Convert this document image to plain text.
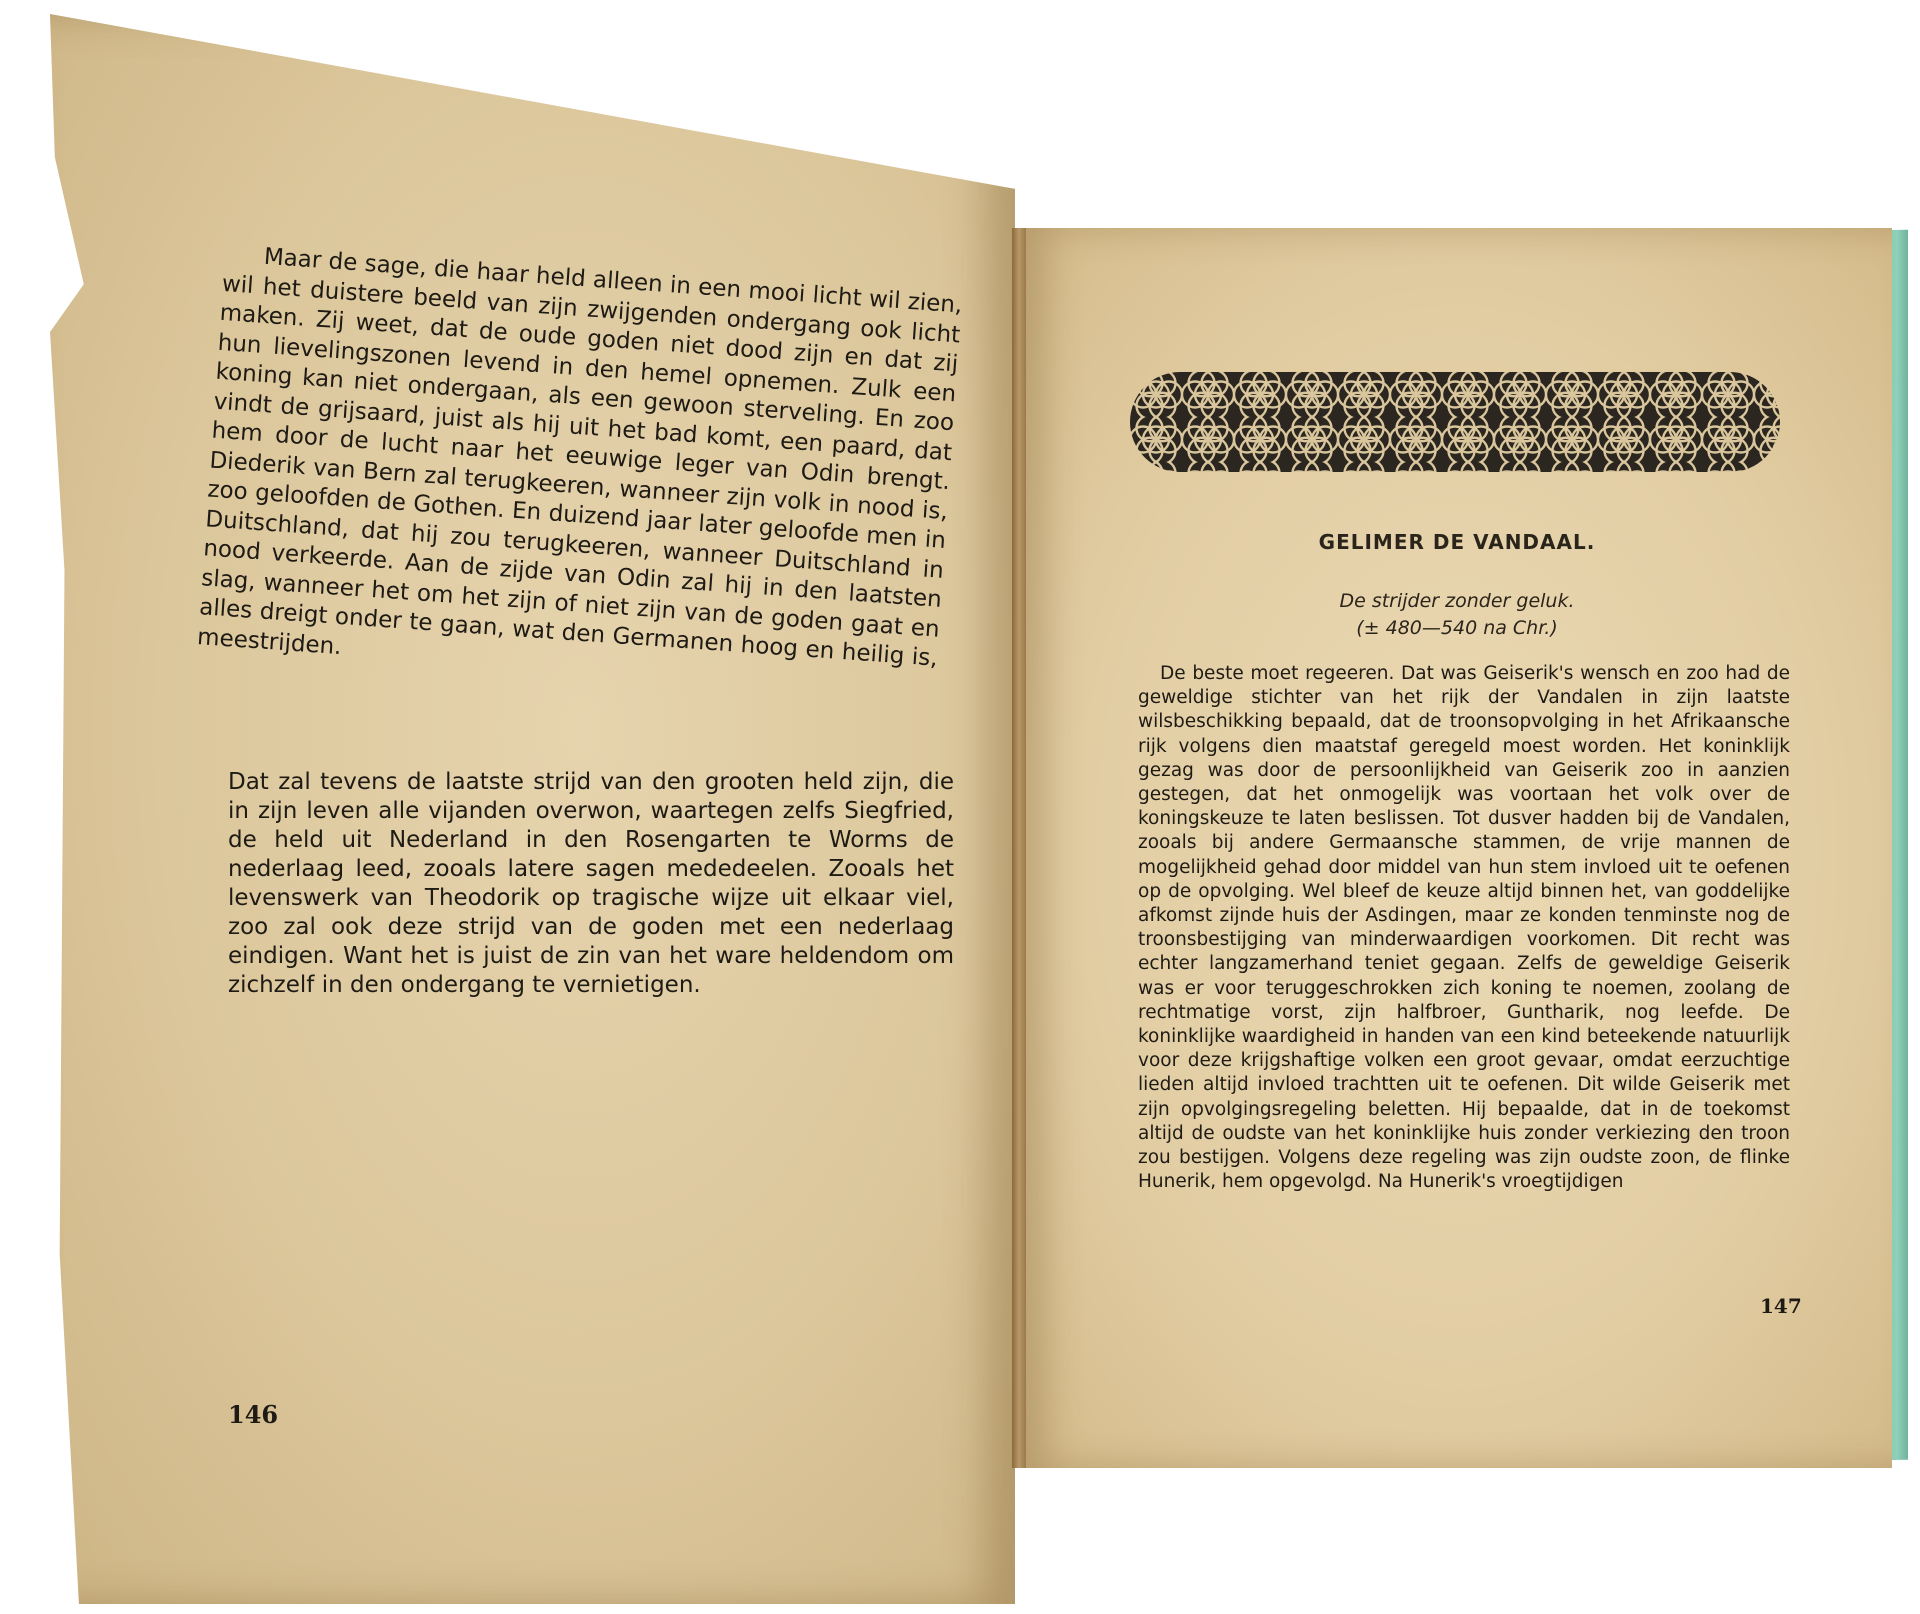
Maar de sage, die haar held alleen in een mooi licht wil zien, wil het duistere beeld van zijn zwijgenden ondergang ook licht maken. Zij weet, dat de oude goden niet dood zijn en dat zij hun lievelingszonen levend in den hemel opnemen. Zulk een koning kan niet ondergaan, als een gewoon sterveling. En zoo vindt de grijsaard, juist als hij uit het bad komt, een paard, dat hem door de lucht naar het eeuwige leger van Odin brengt. Diederik van Bern zal terugkeeren, wanneer zijn volk in nood is, zoo geloofden de Gothen. En duizend jaar later geloofde men in Duitschland, dat hij zou terugkeeren, wanneer Duitschland in nood verkeerde. Aan de zijde van Odin zal hij in den laatsten slag, wanneer het om het zijn of niet zijn van de goden gaat en alles dreigt onder te gaan, wat den Germanen hoog en heilig is, meestrijden.

Dat zal tevens de laatste strijd van den grooten held zijn, die in zijn leven alle vijanden overwon, waartegen zelfs Siegfried, de held uit Nederland in den Rosengarten te Worms de nederlaag leed, zooals latere sagen mededeelen. Zooals het levenswerk van Theodorik op tragische wijze uit elkaar viel, zoo zal ook deze strijd van de goden met een nederlaag eindigen. Want het is juist de zin van het ware heldendom om zichzelf in den ondergang te vernietigen.

146
GELIMER DE VANDAAL.
De strijder zonder geluk.
(± 480—540 na Chr.)

De beste moet regeeren. Dat was Geiserik's wensch en zoo had de geweldige stichter van het rijk der Vandalen in zijn laatste wilsbeschikking bepaald, dat de troonsopvolging in het Afrikaansche rijk volgens dien maatstaf geregeld moest worden. Het koninklijk gezag was door de persoonlijkheid van Geiserik zoo in aanzien gestegen, dat het onmogelijk was voortaan het volk over de koningskeuze te laten beslissen. Tot dusver hadden bij de Vandalen, zooals bij andere Germaansche stammen, de vrije mannen de mogelijkheid gehad door middel van hun stem invloed uit te oefenen op de opvolging. Wel bleef de keuze altijd binnen het, van goddelijke afkomst zijnde huis der Asdingen, maar ze konden tenminste nog de troonsbestijging van minderwaardigen voorkomen. Dit recht was echter langzamerhand teniet gegaan. Zelfs de geweldige Geiserik was er voor teruggeschrokken zich koning te noemen, zoolang de rechtmatige vorst, zijn halfbroer, Guntharik, nog leefde. De koninklijke waardigheid in handen van een kind beteekende natuurlijk voor deze krijgshaftige volken een groot gevaar, omdat eerzuchtige lieden altijd invloed trachtten uit te oefenen. Dit wilde Geiserik met zijn opvolgingsregeling beletten. Hij bepaalde, dat in de toekomst altijd de oudste van het koninklijke huis zonder verkiezing den troon zou bestijgen. Volgens deze regeling was zijn oudste zoon, de flinke Hunerik, hem opgevolgd. Na Hunerik's vroegtijdigen

147
